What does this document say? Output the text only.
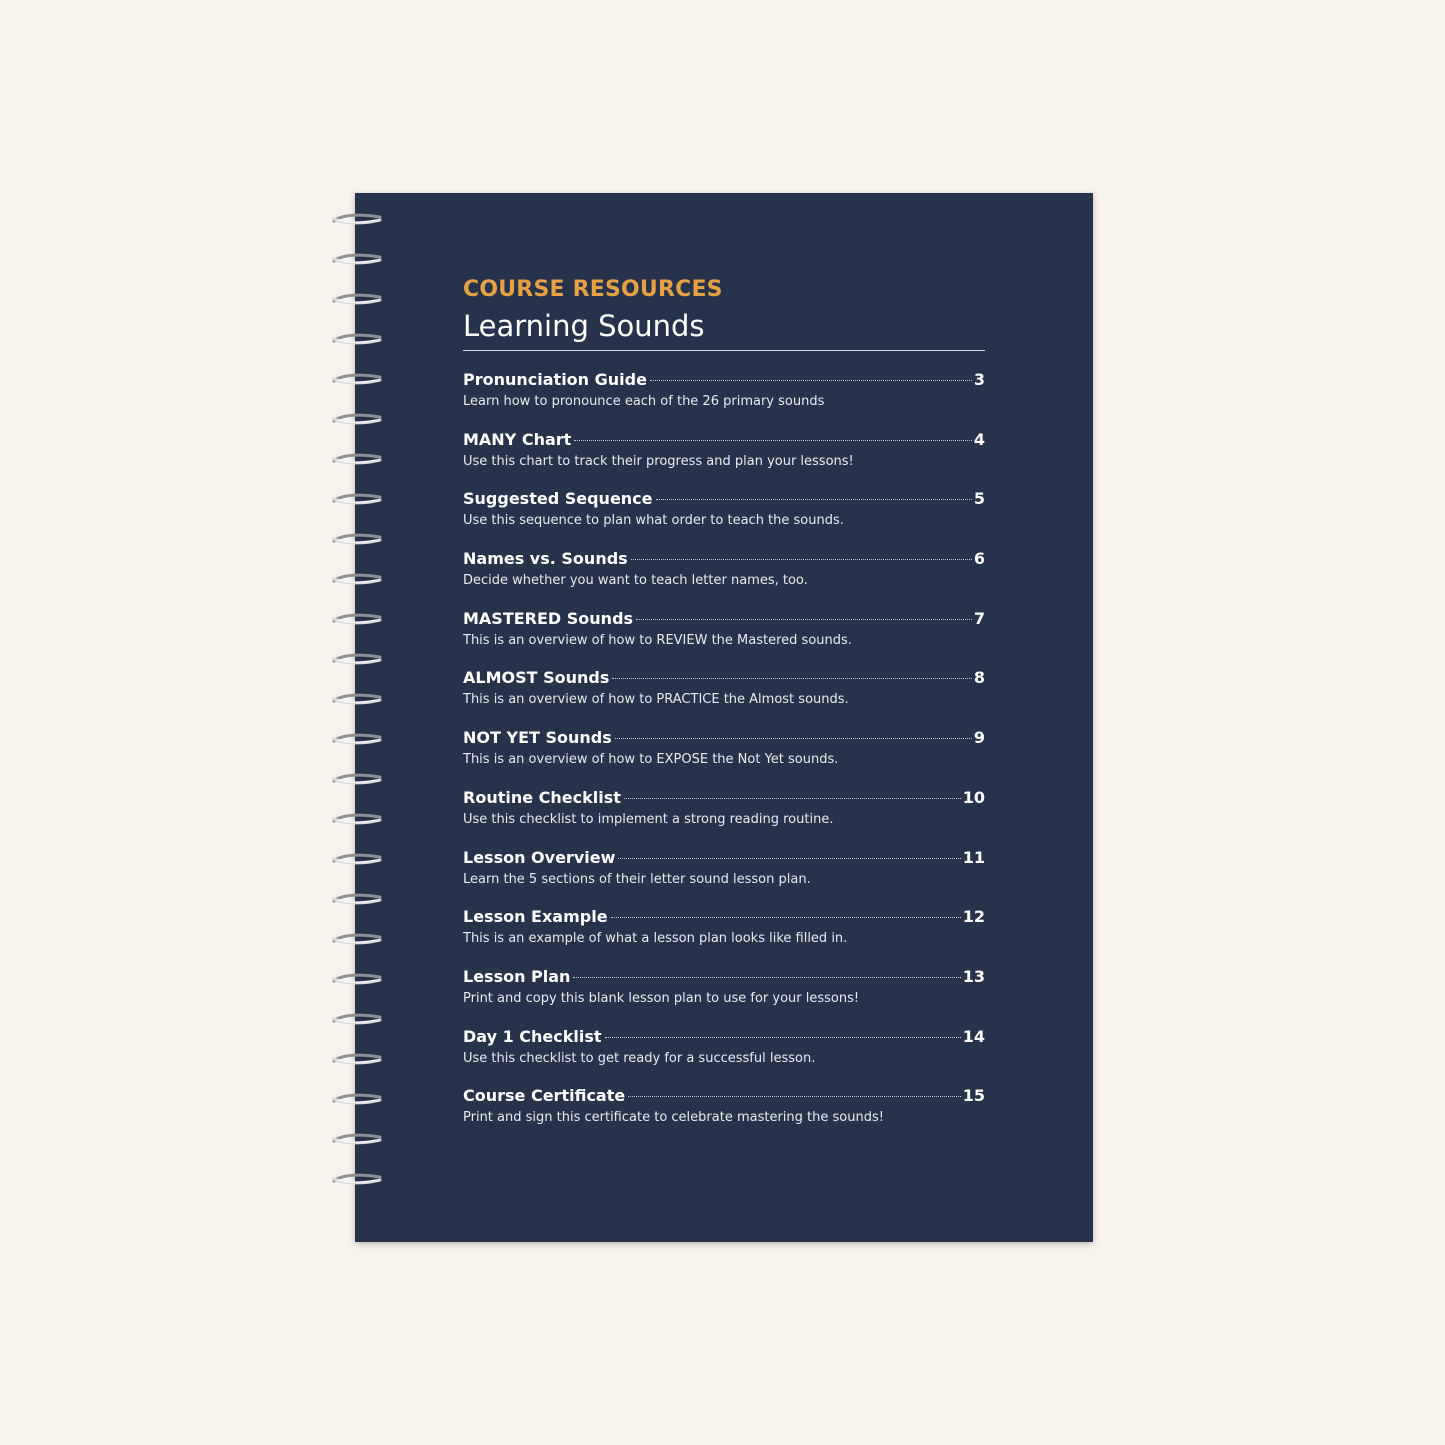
COURSE RESOURCES
Learning Sounds
Pronunciation Guide	3
Learn how to pronounce each of the 26 primary sounds
MANY Chart	4
Use this chart to track their progress and plan your lessons!
Suggested Sequence	5
Use this sequence to plan what order to teach the sounds.
Names vs. Sounds	6
Decide whether you want to teach letter names, too.
MASTERED Sounds	7
This is an overview of how to REVIEW the Mastered sounds.
ALMOST Sounds	8
This is an overview of how to PRACTICE the Almost sounds.
NOT YET Sounds	9
This is an overview of how to EXPOSE the Not Yet sounds.
Routine Checklist	10
Use this checklist to implement a strong reading routine.
Lesson Overview	11
Learn the 5 sections of their letter sound lesson plan.
Lesson Example	12
This is an example of what a lesson plan looks like filled in.
Lesson Plan	13
Print and copy this blank lesson plan to use for your lessons!
Day 1 Checklist	14
Use this checklist to get ready for a successful lesson.
Course Certificate	15
Print and sign this certificate to celebrate mastering the sounds!
